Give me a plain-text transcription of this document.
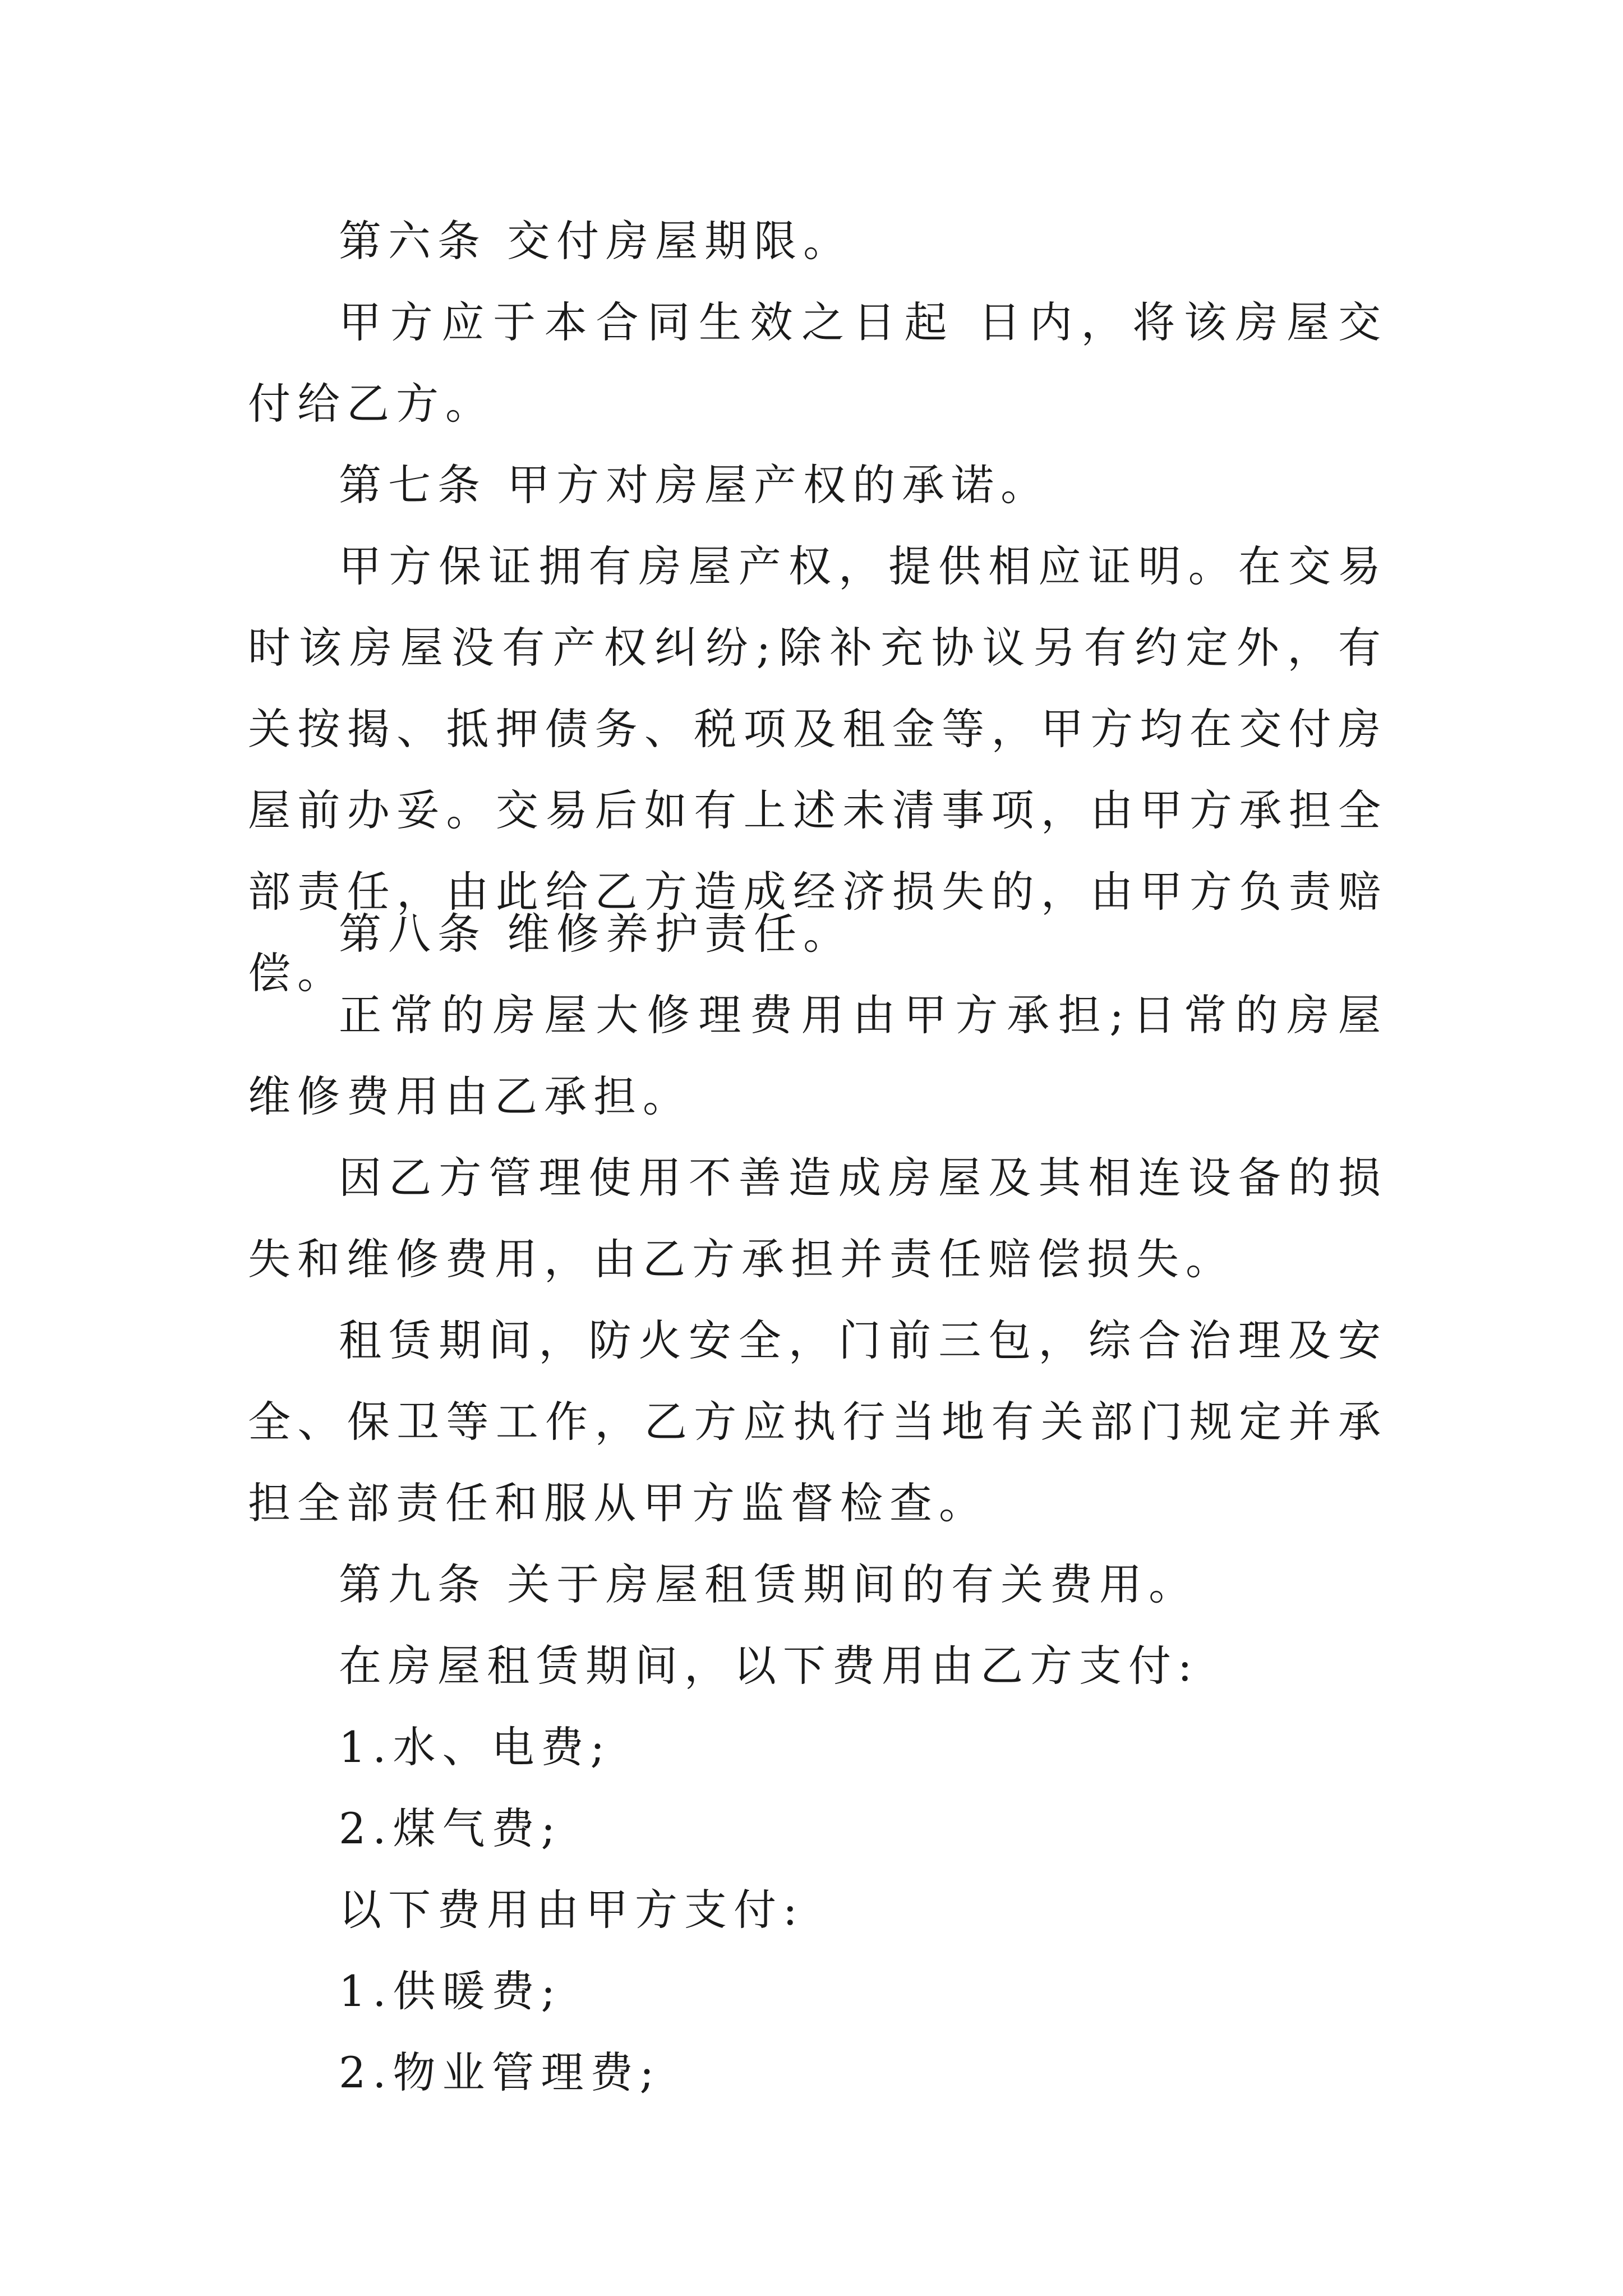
第六条 交付房屋期限。

甲方应于本合同生效之日起 日内，将该房屋交付给乙方。

第七条 甲方对房屋产权的承诺。

甲方保证拥有房屋产权，提供相应证明。在交易时该房屋没有产权纠纷;除补充协议另有约定外，有关按揭、抵押债务、税项及租金等，甲方均在交付房屋前办妥。交易后如有上述未清事项，由甲方承担全部责任，由此给乙方造成经济损失的，由甲方负责赔偿。

第八条 维修养护责任。

正常的房屋大修理费用由甲方承担;日常的房屋维修费用由乙承担。

因乙方管理使用不善造成房屋及其相连设备的损失和维修费用，由乙方承担并责任赔偿损失。

租赁期间，防火安全，门前三包，综合治理及安全、保卫等工作，乙方应执行当地有关部门规定并承担全部责任和服从甲方监督检查。

第九条 关于房屋租赁期间的有关费用。

在房屋租赁期间，以下费用由乙方支付:

1.水、电费;

2.煤气费;

以下费用由甲方支付:

1.供暖费;

2.物业管理费;
